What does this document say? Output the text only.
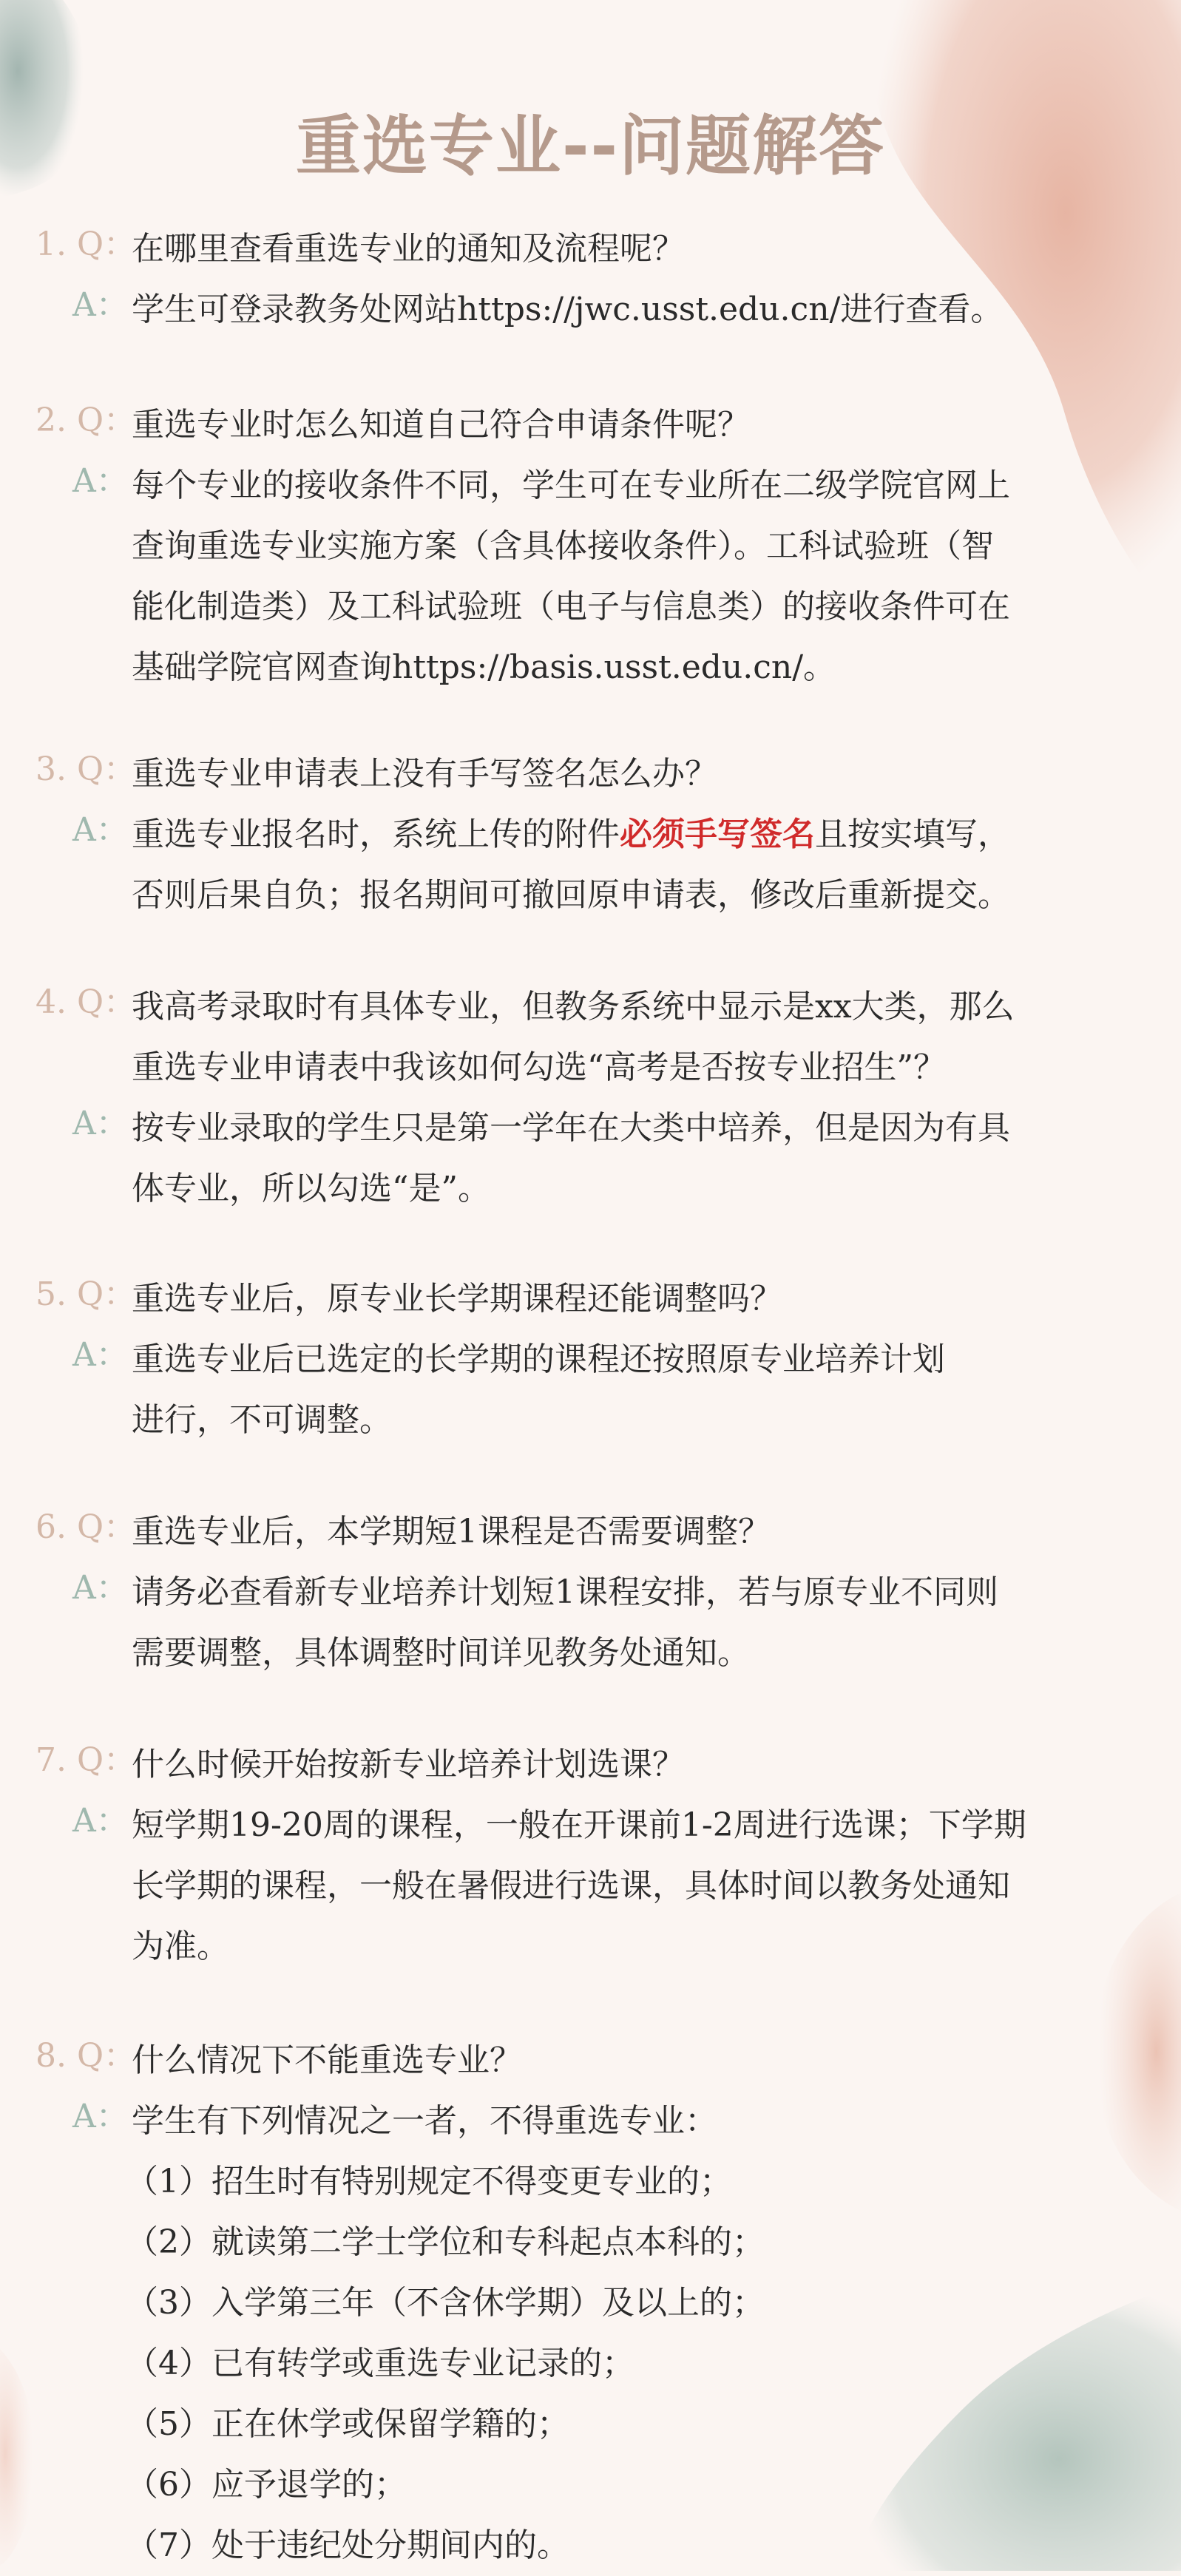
重选专业--问题解答
1. Q：
在哪里查看重选专业的通知及流程呢？
A： 学生可登录教务处网站https://jwc.usst.edu.cn/进行查看。
2. Q：
重选专业时怎么知道自己符合申请条件呢？
A： 每个专业的接收条件不同，学生可在专业所在二级学院官网上
查询重选专业实施方案（含具体接收条件）。工科试验班（智
能化制造类）及工科试验班（电子与信息类）的接收条件可在
基础学院官网查询https://basis.usst.edu.cn/。
3. Q：
重选专业申请表上没有手写签名怎么办？
A： 重选专业报名时，系统上传的附件必须手写签名且按实填写，
否则后果自负；报名期间可撤回原申请表，修改后重新提交。
4. Q：
我高考录取时有具体专业，但教务系统中显示是xx大类，那么
重选专业申请表中我该如何勾选“高考是否按专业招生”？
A： 按专业录取的学生只是第一学年在大类中培养，但是因为有具
体专业，所以勾选“是”。
5. Q：
重选专业后，原专业长学期课程还能调整吗？
A： 重选专业后已选定的长学期的课程还按照原专业培养计划
进行，不可调整。
6. Q：
重选专业后，本学期短1课程是否需要调整？
A： 请务必查看新专业培养计划短1课程安排，若与原专业不同则
需要调整，具体调整时间详见教务处通知。
7. Q：
什么时候开始按新专业培养计划选课？
A： 短学期19-20周的课程，一般在开课前1-2周进行选课；下学期
长学期的课程，一般在暑假进行选课，具体时间以教务处通知
为准。
8. Q：
什么情况下不能重选专业？
A： 学生有下列情况之一者，不得重选专业：
（1）招生时有特别规定不得变更专业的；
（2）就读第二学士学位和专科起点本科的；
（3）入学第三年（不含休学期）及以上的；
（4）已有转学或重选专业记录的；
（5）正在休学或保留学籍的；
（6）应予退学的；
（7）处于违纪处分期间内的。
